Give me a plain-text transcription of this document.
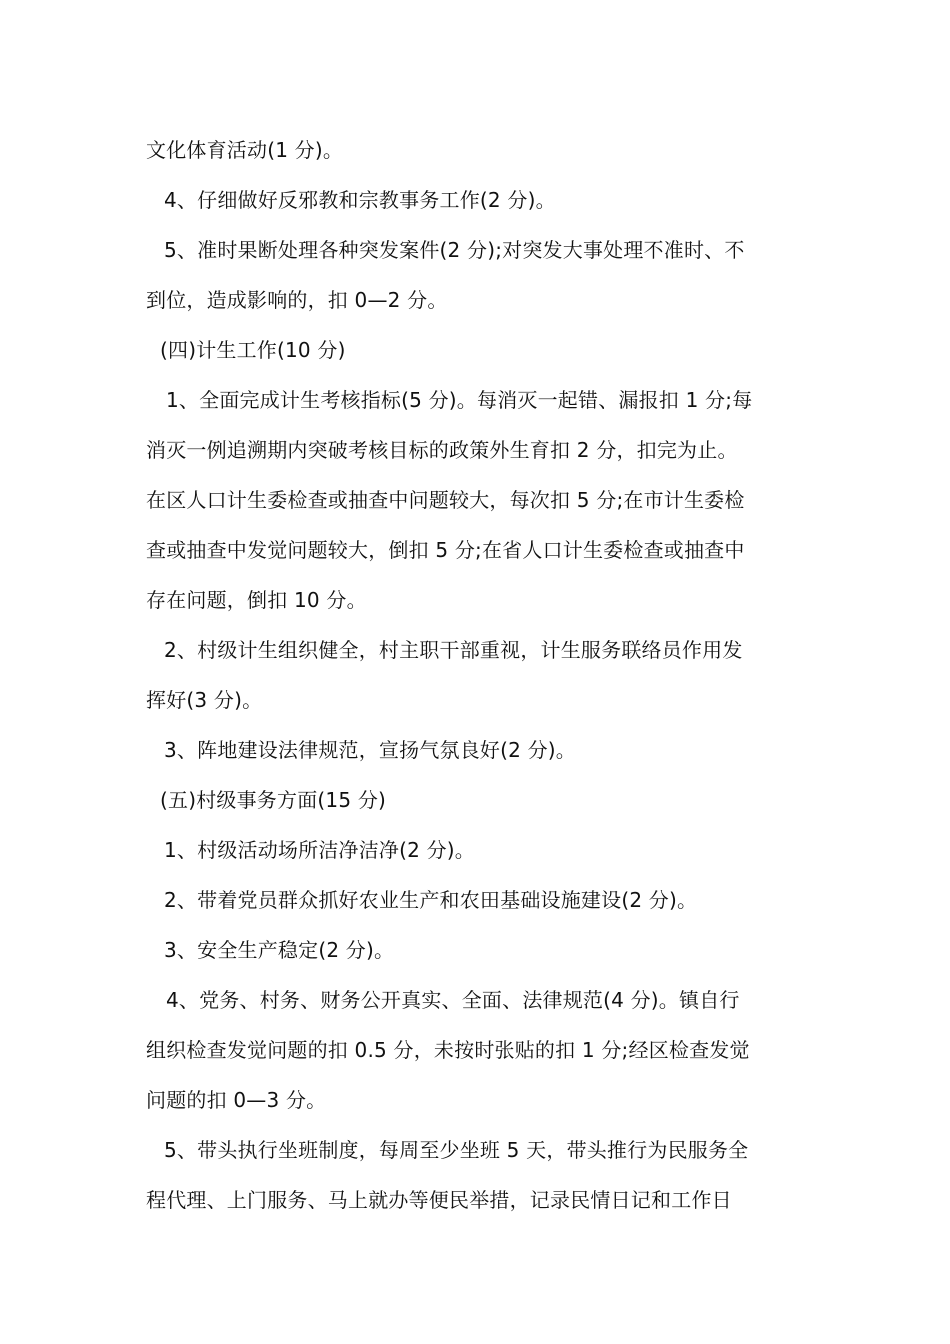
文化体育活动(1 分)。
4、仔细做好反邪教和宗教事务工作(2 分)。
5、准时果断处理各种突发案件(2 分);对突发大事处理不准时、不
到位，造成影响的，扣 0—2 分。
(四)计生工作(10 分)
1、全面完成计生考核指标(5 分)。每消灭一起错、漏报扣 1 分;每
消灭一例追溯期内突破考核目标的政策外生育扣 2 分，扣完为止。
在区人口计生委检查或抽查中问题较大，每次扣 5 分;在市计生委检
查或抽查中发觉问题较大，倒扣 5 分;在省人口计生委检查或抽查中
存在问题，倒扣 10 分。
2、村级计生组织健全，村主职干部重视，计生服务联络员作用发
挥好(3 分)。
3、阵地建设法律规范，宣扬气氛良好(2 分)。
(五)村级事务方面(15 分)
1、村级活动场所洁净洁净(2 分)。
2、带着党员群众抓好农业生产和农田基础设施建设(2 分)。
3、安全生产稳定(2 分)。
4、党务、村务、财务公开真实、全面、法律规范(4 分)。镇自行
组织检查发觉问题的扣 0.5 分，未按时张贴的扣 1 分;经区检查发觉
问题的扣 0—3 分。
5、带头执行坐班制度，每周至少坐班 5 天，带头推行为民服务全
程代理、上门服务、马上就办等便民举措，记录民情日记和工作日
